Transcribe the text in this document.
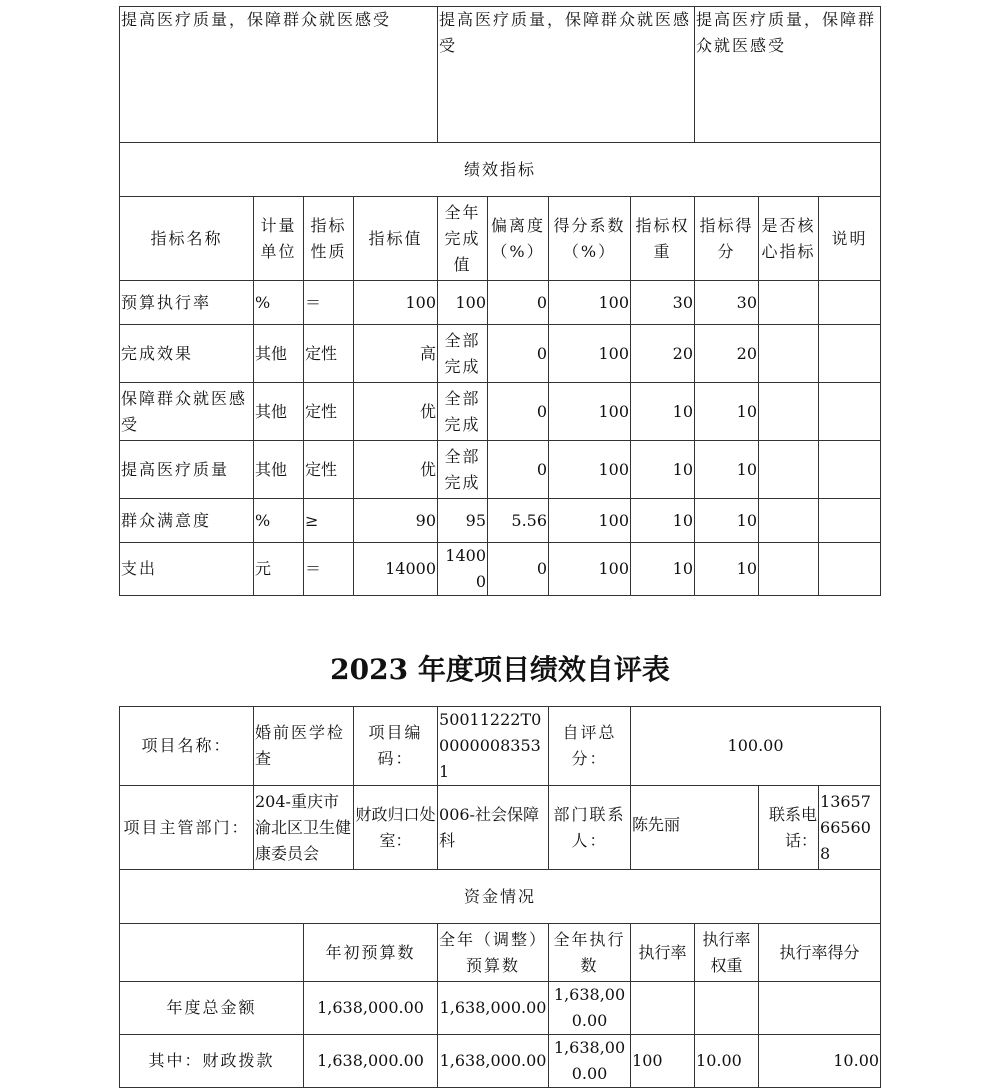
提高医疗质量，保障群众就医感受				提高医疗质量，保障群众就医感受				提高医疗质量，保障群众就医感受		
绩效指标										
指标名称	计量单位	指标性质	指标值	全年完成值	偏离度（%）	得分系数（%）	指标权重	指标得分	是否核心指标	说明
预算执行率	%	＝	100	100	0	100	30	30		
完成效果	其他	定性	高	全部完成	0	100	20	20		
保障群众就医感受	其他	定性	优	全部完成	0	100	10	10		
提高医疗质量	其他	定性	优	全部完成	0	100	10	10		
群众满意度	%	≥	90	95	5.56	100	10	10		
支出	元	＝	14000	14000	0	100	10	10		
2023 年度项目绩效自评表
项目名称：	婚前医学检查		项目编码：	50011222T000000083531	自评总分：	100.00			
项目主管部门：	204-重庆市渝北区卫生健康委员会		财政归口处室：	006-社会保障科	部门联系人：	陈先丽		联系电话：	13657665608
资金情况									
		年初预算数		全年（调整）预算数	全年执行数	执行率	执行率权重	执行率得分	
年度总金额		1,638,000.00		1,638,000.00	1,638,000.00				
其中：财政拨款		1,638,000.00		1,638,000.00	1,638,000.00	100	10.00	10.00	
